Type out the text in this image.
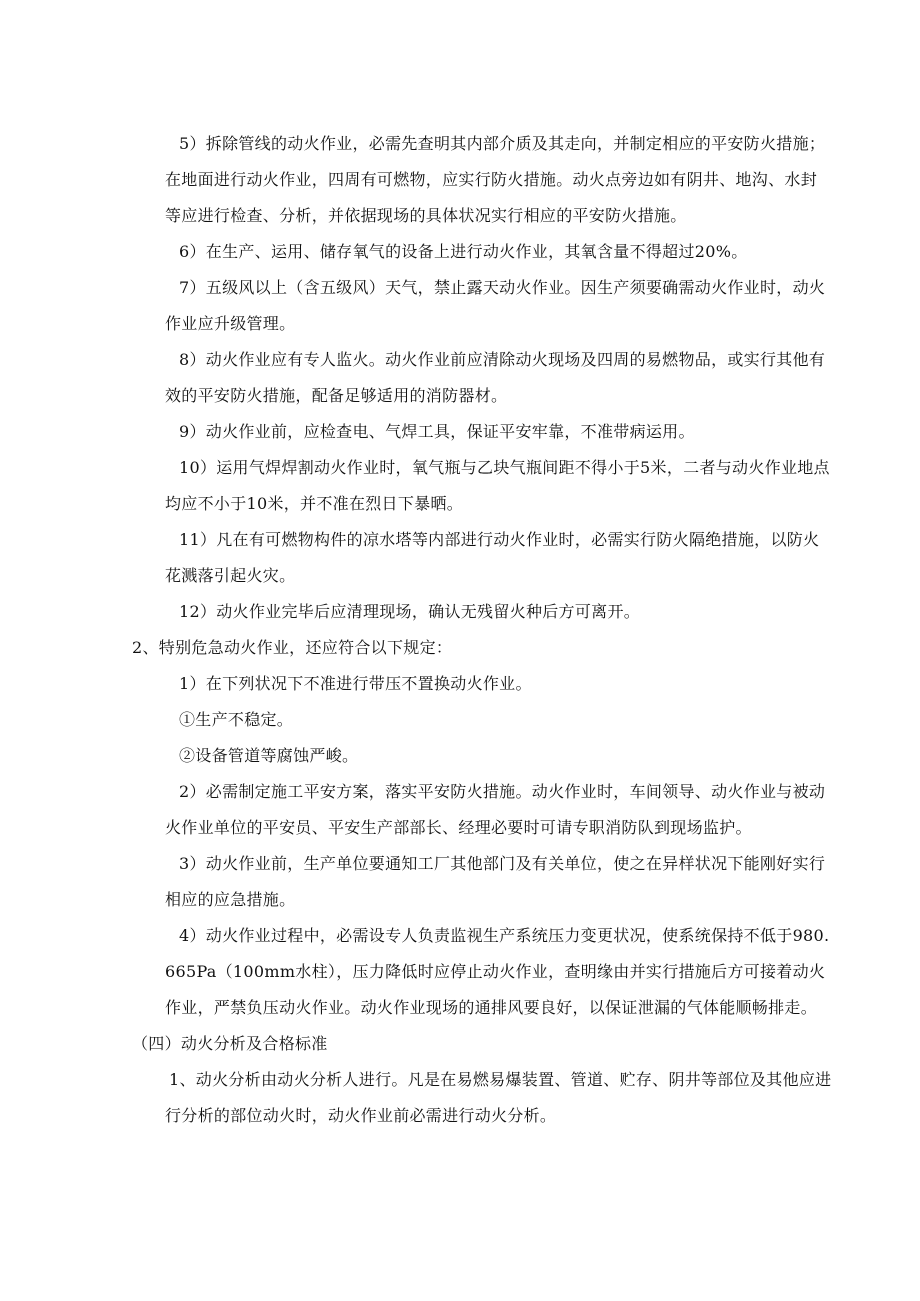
5）拆除管线的动火作业，必需先查明其内部介质及其走向，并制定相应的平安防火措施；在地面进行动火作业，四周有可燃物，应实行防火措施。动火点旁边如有阴井、地沟、水封等应进行检查、分析，并依据现场的具体状况实行相应的平安防火措施。

6）在生产、运用、储存氧气的设备上进行动火作业，其氧含量不得超过20%。

7）五级风以上（含五级风）天气，禁止露天动火作业。因生产须要确需动火作业时，动火作业应升级管理。

8）动火作业应有专人监火。动火作业前应清除动火现场及四周的易燃物品，或实行其他有效的平安防火措施，配备足够适用的消防器材。

9）动火作业前，应检查电、气焊工具，保证平安牢靠，不准带病运用。

10）运用气焊焊割动火作业时，氧气瓶与乙块气瓶间距不得小于5米，二者与动火作业地点均应不小于10米，并不准在烈日下暴晒。

11）凡在有可燃物构件的凉水塔等内部进行动火作业时，必需实行防火隔绝措施，以防火花溅落引起火灾。

12）动火作业完毕后应清理现场，确认无残留火种后方可离开。

2、特别危急动火作业，还应符合以下规定：

1）在下列状况下不准进行带压不置换动火作业。

①生产不稳定。

②设备管道等腐蚀严峻。

2）必需制定施工平安方案，落实平安防火措施。动火作业时，车间领导、动火作业与被动火作业单位的平安员、平安生产部部长、经理必要时可请专职消防队到现场监护。

3）动火作业前，生产单位要通知工厂其他部门及有关单位，使之在异样状况下能刚好实行相应的应急措施。

4）动火作业过程中，必需设专人负责监视生产系统压力变更状况，使系统保持不低于980.665Pa（100mm水柱），压力降低时应停止动火作业，查明缘由并实行措施后方可接着动火作业，严禁负压动火作业。动火作业现场的通排风要良好，以保证泄漏的气体能顺畅排走。

（四）动火分析及合格标准

1、动火分析由动火分析人进行。凡是在易燃易爆装置、管道、贮存、阴井等部位及其他应进行分析的部位动火时，动火作业前必需进行动火分析。
